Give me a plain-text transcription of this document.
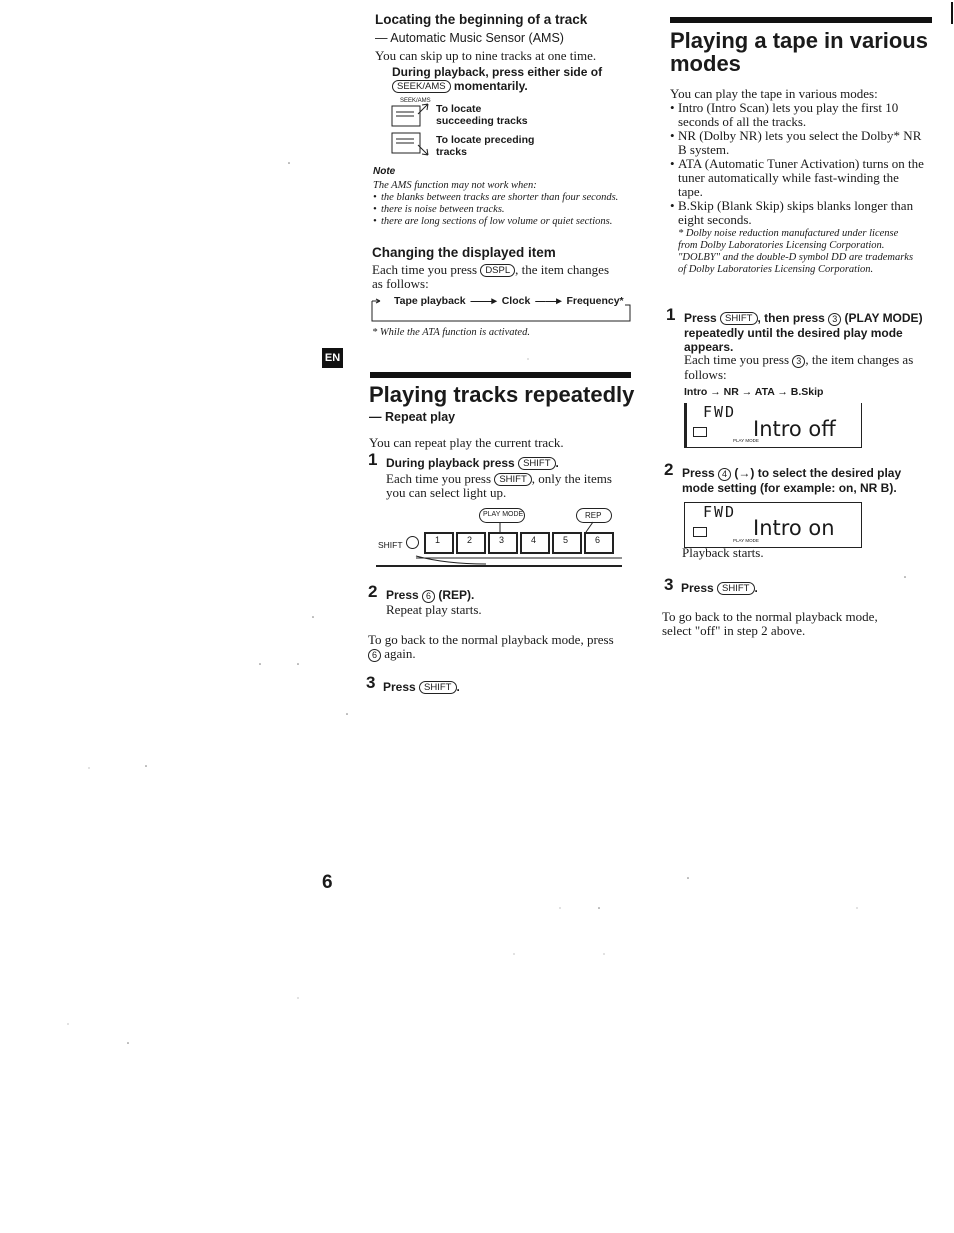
Locating the beginning of a track
— Automatic Music Sensor (AMS)
You can skip up to nine tracks at one time.
During playback, press either side of
SEEK/AMS momentarily.
SEEK/AMS
To locate
succeeding tracks
To locate preceding
tracks
Note
The AMS function may not work when:
• the blanks between tracks are shorter than four seconds.
• there is noise between tracks.
• there are long sections of low volume or quiet sections.
Changing the displayed item
Each time you press DSPL , the item changes
as follows:
Tape playback ——▸ Clock ——▸ Frequency*
* While the ATA function is activated.
EN
Playing tracks repeatedly
— Repeat play
You can repeat play the current track.
1 During playback press SHIFT .
Each time you press SHIFT , only the items
you can select light up.
PLAY MODE	REP
SHIFT	1	2	3	4	5	6
2 Press 6 (REP).
Repeat play starts.
To go back to the normal playback mode, press
6 again.
3 Press SHIFT .
6
Playing a tape in various modes
You can play the tape in various modes:
• Intro (Intro Scan) lets you play the first 10 seconds of all the tracks.
• NR (Dolby NR) lets you select the Dolby* NR B system.
• ATA (Automatic Tuner Activation) turns on the tuner automatically while fast-winding the tape.
• B.Skip (Blank Skip) skips blanks longer than eight seconds.
* Dolby noise reduction manufactured under license from Dolby Laboratories Licensing Corporation. "DOLBY" and the double-D symbol DD are trademarks of Dolby Laboratories Licensing Corporation.
1 Press SHIFT , then press 3 (PLAY MODE) repeatedly until the desired play mode appears.
Each time you press 3 , the item changes as follows:
Intro → NR → ATA → B.Skip
FWD
Intro off
PLAY MODE
2 Press 4 (→) to select the desired play mode setting (for example: on, NR B).
FWD
Intro on
PLAY MODE
Playback starts.
3 Press SHIFT .
To go back to the normal playback mode, select "off" in step 2 above.
